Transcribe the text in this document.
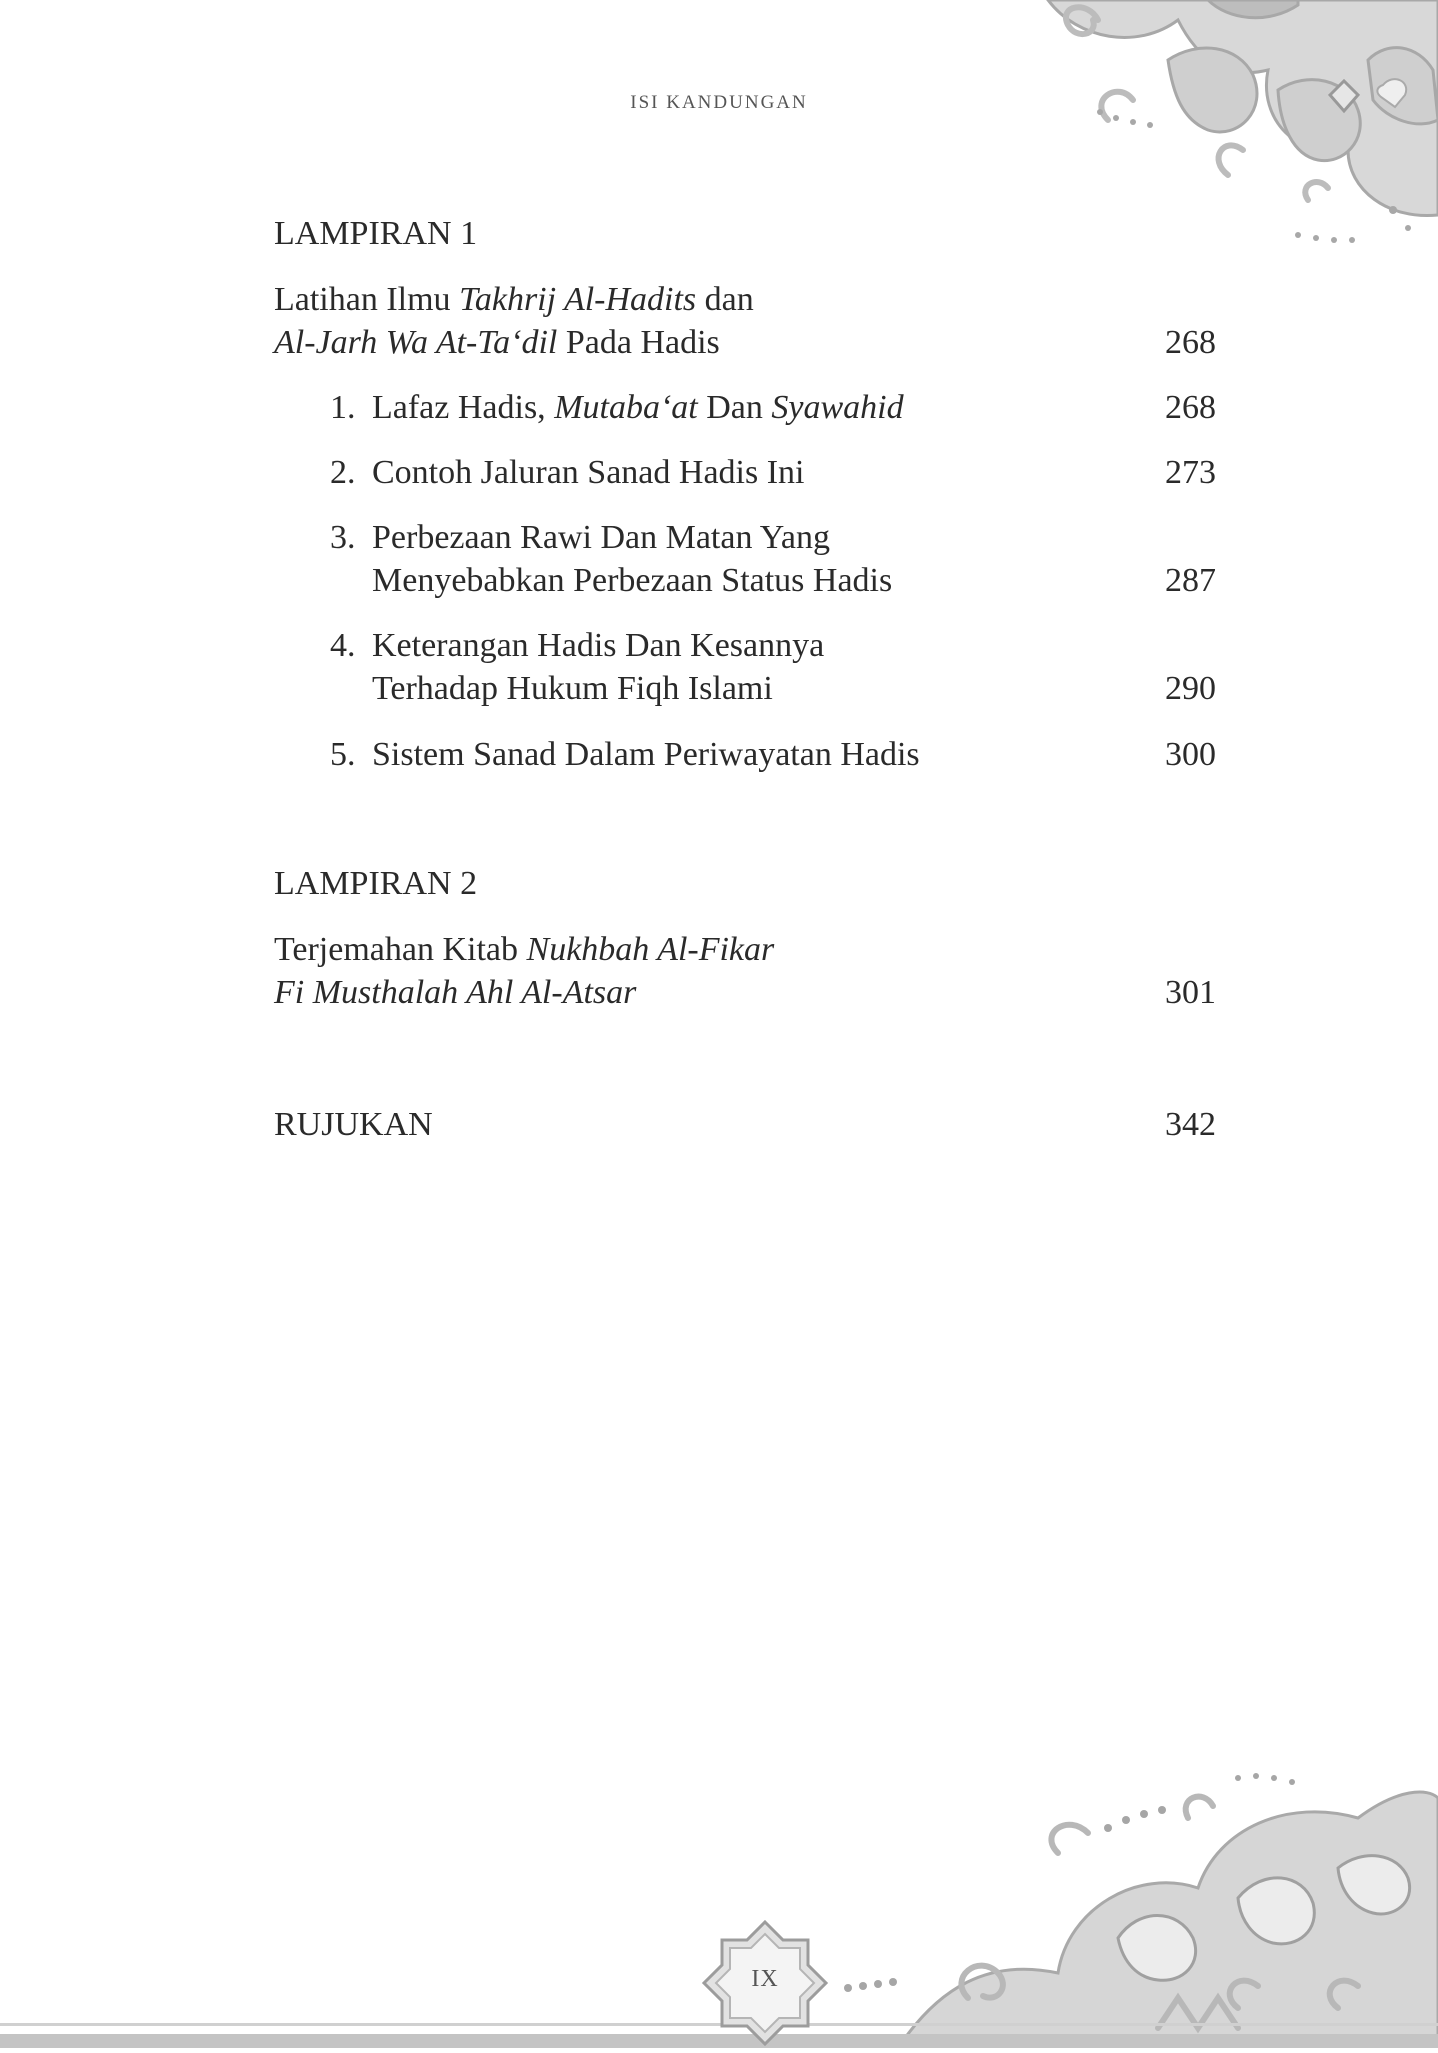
ISI KANDUNGAN
LAMPIRAN 1
Latihan Ilmu Takhrij Al-Hadits dan
Al-Jarh Wa At-Ta‘dil Pada Hadis	268
1. Lafaz Hadis, Mutaba‘at Dan Syawahid	268
2. Contoh Jaluran Sanad Hadis Ini	273
3. Perbezaan Rawi Dan Matan Yang
Menyebabkan Perbezaan Status Hadis	287
4. Keterangan Hadis Dan Kesannya
Terhadap Hukum Fiqh Islami	290
5. Sistem Sanad Dalam Periwayatan Hadis	300
LAMPIRAN 2
Terjemahan Kitab Nukhbah Al-Fikar
Fi Musthalah Ahl Al-Atsar	301
RUJUKAN	342
IX
